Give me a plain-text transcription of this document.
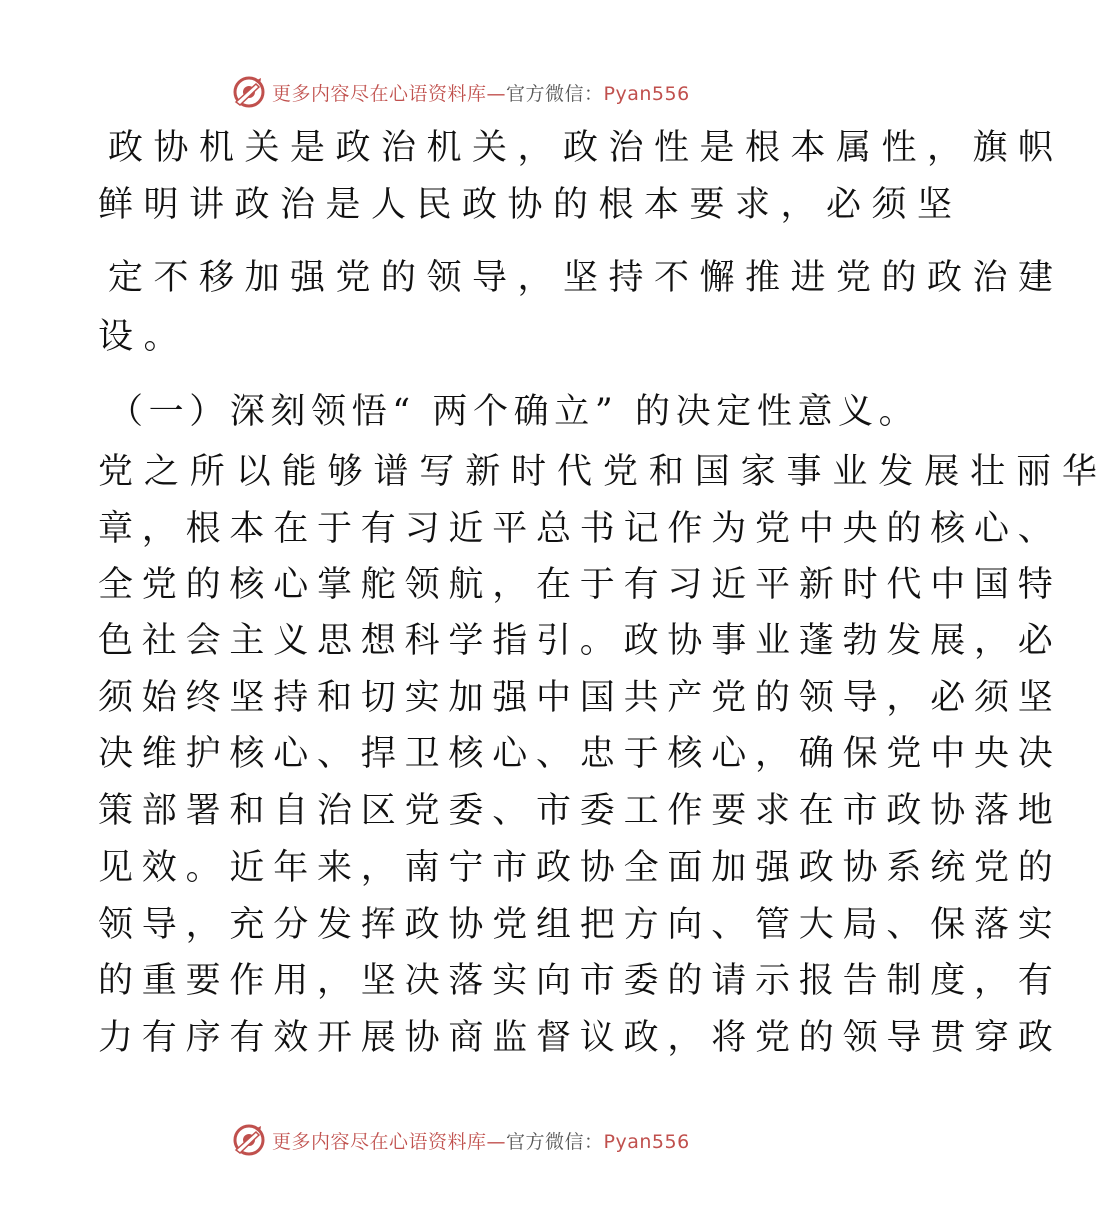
更多内容尽在心语资料库—官方微信：Pyan556

政协机关是政治机关，政治性是根本属性，旗帜

鲜明讲政治是人民政协的根本要求，必须坚

定不移加强党的领导，坚持不懈推进党的政治建

设。

（一）深刻领悟“ 两个确立” 的决定性意义。

党之所以能够谱写新时代党和国家事业发展壮丽华

章，根本在于有习近平总书记作为党中央的核心、

全党的核心掌舵领航，在于有习近平新时代中国特

色社会主义思想科学指引。政协事业蓬勃发展，必

须始终坚持和切实加强中国共产党的领导，必须坚

决维护核心、捍卫核心、忠于核心，确保党中央决

策部署和自治区党委、市委工作要求在市政协落地

见效。近年来，南宁市政协全面加强政协系统党的

领导，充分发挥政协党组把方向、管大局、保落实

的重要作用，坚决落实向市委的请示报告制度，有

力有序有效开展协商监督议政，将党的领导贯穿政

更多内容尽在心语资料库—官方微信：Pyan556
